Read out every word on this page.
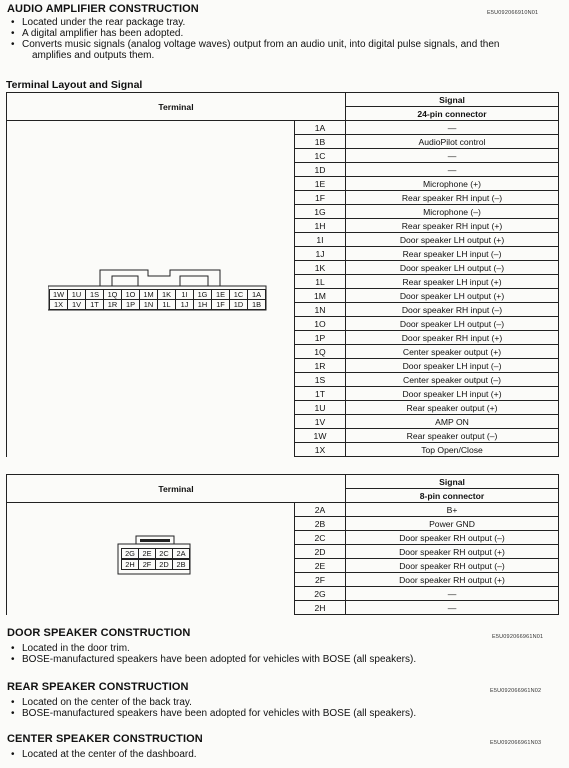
AUDIO AMPLIFIER CONSTRUCTION	E5U092066910N01
• Located under the rear package tray.
• A digital amplifier has been adopted.
• Converts music signals (analog voltage waves) output from an audio unit, into digital pulse signals, and then
amplifies and outputs them.
Terminal Layout and Signal
Terminal		Signal
		24-pin connector
	1A	—
	1B	AudioPilot control
	1C	—
	1D	—
	1E	Microphone (+)
	1F	Rear speaker RH input (–)
	1G	Microphone (–)
	1H	Rear speaker RH input (+)
	1I	Door speaker LH output (+)
	1J	Rear speaker LH input (–)
	1K	Door speaker LH output (–)
	1L	Rear speaker LH input (+)
	1M	Door speaker LH output (+)
	1N	Door speaker RH input (–)
	1O	Door speaker LH output (–)
	1P	Door speaker RH input (+)
	1Q	Center speaker output (+)
	1R	Door speaker LH input (–)
	1S	Center speaker output (–)
	1T	Door speaker LH input (+)
	1U	Rear speaker output (+)
	1V	AMP ON
	1W	Rear speaker output (–)
	1X	Top Open/Close
1W	1U	1S	1Q	1O	1M	1K	1I	1G	1E	1C	1A
1X	1V	1T	1R	1P	1N	1L	1J	1H	1F	1D	1B
Terminal		Signal
		8-pin connector
	2A	B+
	2B	Power GND
	2C	Door speaker RH output (–)
	2D	Door speaker RH output (+)
	2E	Door speaker RH output (–)
	2F	Door speaker RH output (+)
	2G	—
	2H	—
2G	2E	2C	2A
2H	2F	2D	2B
DOOR SPEAKER CONSTRUCTION	E5U092066961N01
• Located in the door trim.
• BOSE-manufactured speakers have been adopted for vehicles with BOSE (all speakers).
REAR SPEAKER CONSTRUCTION	E5U092066961N02
• Located on the center of the back tray.
• BOSE-manufactured speakers have been adopted for vehicles with BOSE (all speakers).
CENTER SPEAKER CONSTRUCTION	E5U092066961N03
• Located at the center of the dashboard.
